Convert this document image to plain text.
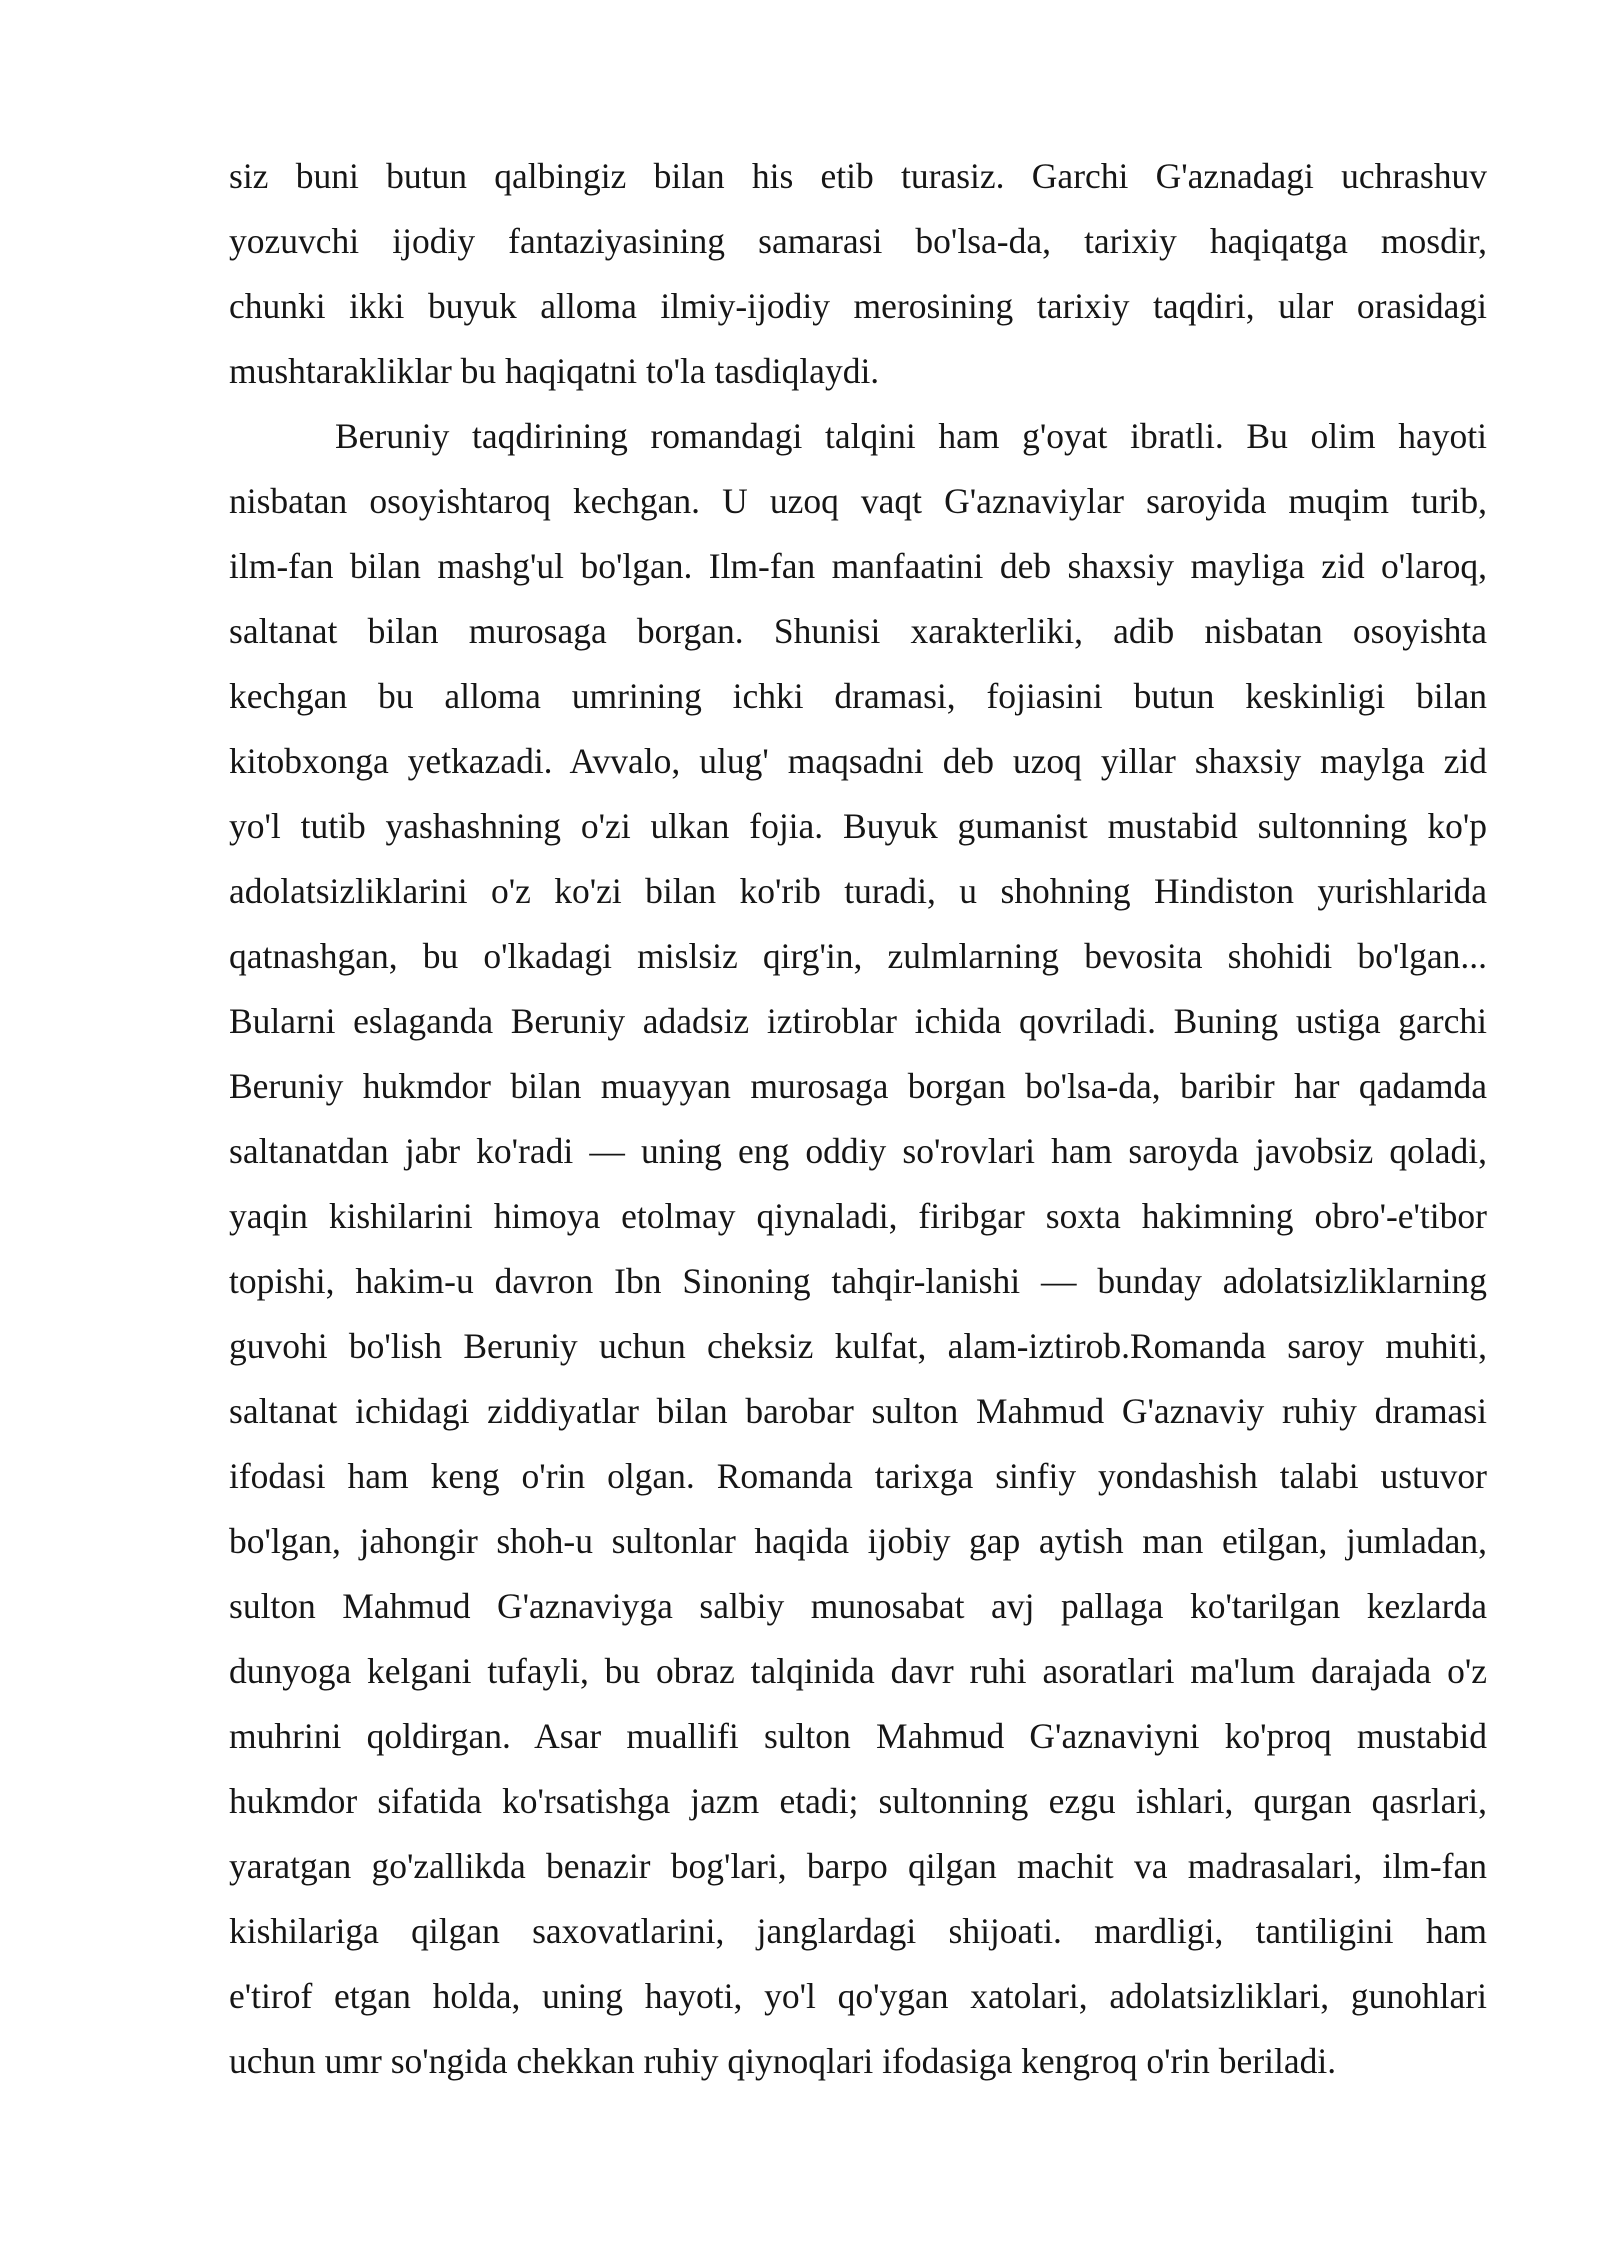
siz buni butun qalbingiz bilan his etib turasiz. Garchi G'aznadagi uchrashuv
yozuvchi ijodiy fantaziyasining samarasi bo'lsa-da, tarixiy haqiqatga mosdir,
chunki ikki buyuk alloma ilmiy-ijodiy merosining tarixiy taqdiri, ular orasidagi
mushtarakliklar bu haqiqatni to'la tasdiqlaydi.
Beruniy taqdirining romandagi talqini ham g'oyat ibratli. Bu olim hayoti
nisbatan osoyishtaroq kechgan. U uzoq vaqt G'aznaviylar saroyida muqim turib,
ilm-fan bilan mashg'ul bo'lgan. Ilm-fan manfaatini deb shaxsiy mayliga zid o'laroq,
saltanat bilan murosaga borgan. Shunisi xarakterliki, adib nisbatan osoyishta
kechgan bu alloma umrining ichki dramasi, fojiasini butun keskinligi bilan
kitobxonga yetkazadi. Avvalo, ulug' maqsadni deb uzoq yillar shaxsiy maylga zid
yo'l tutib yashashning o'zi ulkan fojia. Buyuk gumanist mustabid sultonning ko'p
adolatsizliklarini o'z ko'zi bilan ko'rib turadi, u shohning Hindiston yurishlarida
qatnashgan, bu o'lkadagi mislsiz qirg'in, zulmlarning bevosita shohidi bo'lgan...
Bularni eslaganda Beruniy adadsiz iztiroblar ichida qovriladi. Buning ustiga garchi
Beruniy hukmdor bilan muayyan murosaga borgan bo'lsa-da, baribir har qadamda
saltanatdan jabr ko'radi — uning eng oddiy so'rovlari ham saroyda javobsiz qoladi,
yaqin kishilarini himoya etolmay qiynaladi, firibgar soxta hakimning obro'-e'tibor
topishi, hakim-u davron Ibn Sinoning tahqir-lanishi — bunday adolatsizliklarning
guvohi bo'lish Beruniy uchun cheksiz kulfat, alam-iztirob.Romanda saroy muhiti,
saltanat ichidagi ziddiyatlar bilan barobar sulton Mahmud G'aznaviy ruhiy dramasi
ifodasi ham keng o'rin olgan. Romanda tarixga sinfiy yondashish talabi ustuvor
bo'lgan, jahongir shoh-u sultonlar haqida ijobiy gap aytish man etilgan, jumladan,
sulton Mahmud G'aznaviyga salbiy munosabat avj pallaga ko'tarilgan kezlarda
dunyoga kelgani tufayli, bu obraz talqinida davr ruhi asoratlari ma'lum darajada o'z
muhrini qoldirgan. Asar muallifi sulton Mahmud G'aznaviyni ko'proq mustabid
hukmdor sifatida ko'rsatishga jazm etadi; sultonning ezgu ishlari, qurgan qasrlari,
yaratgan go'zallikda benazir bog'lari, barpo qilgan machit va madrasalari, ilm-fan
kishilariga qilgan saxovatlarini, janglardagi shijoati. mardligi, tantiligini ham
e'tirof etgan holda, uning hayoti, yo'l qo'ygan xatolari, adolatsizliklari, gunohlari
uchun umr so'ngida chekkan ruhiy qiynoqlari ifodasiga kengroq o'rin beriladi.
